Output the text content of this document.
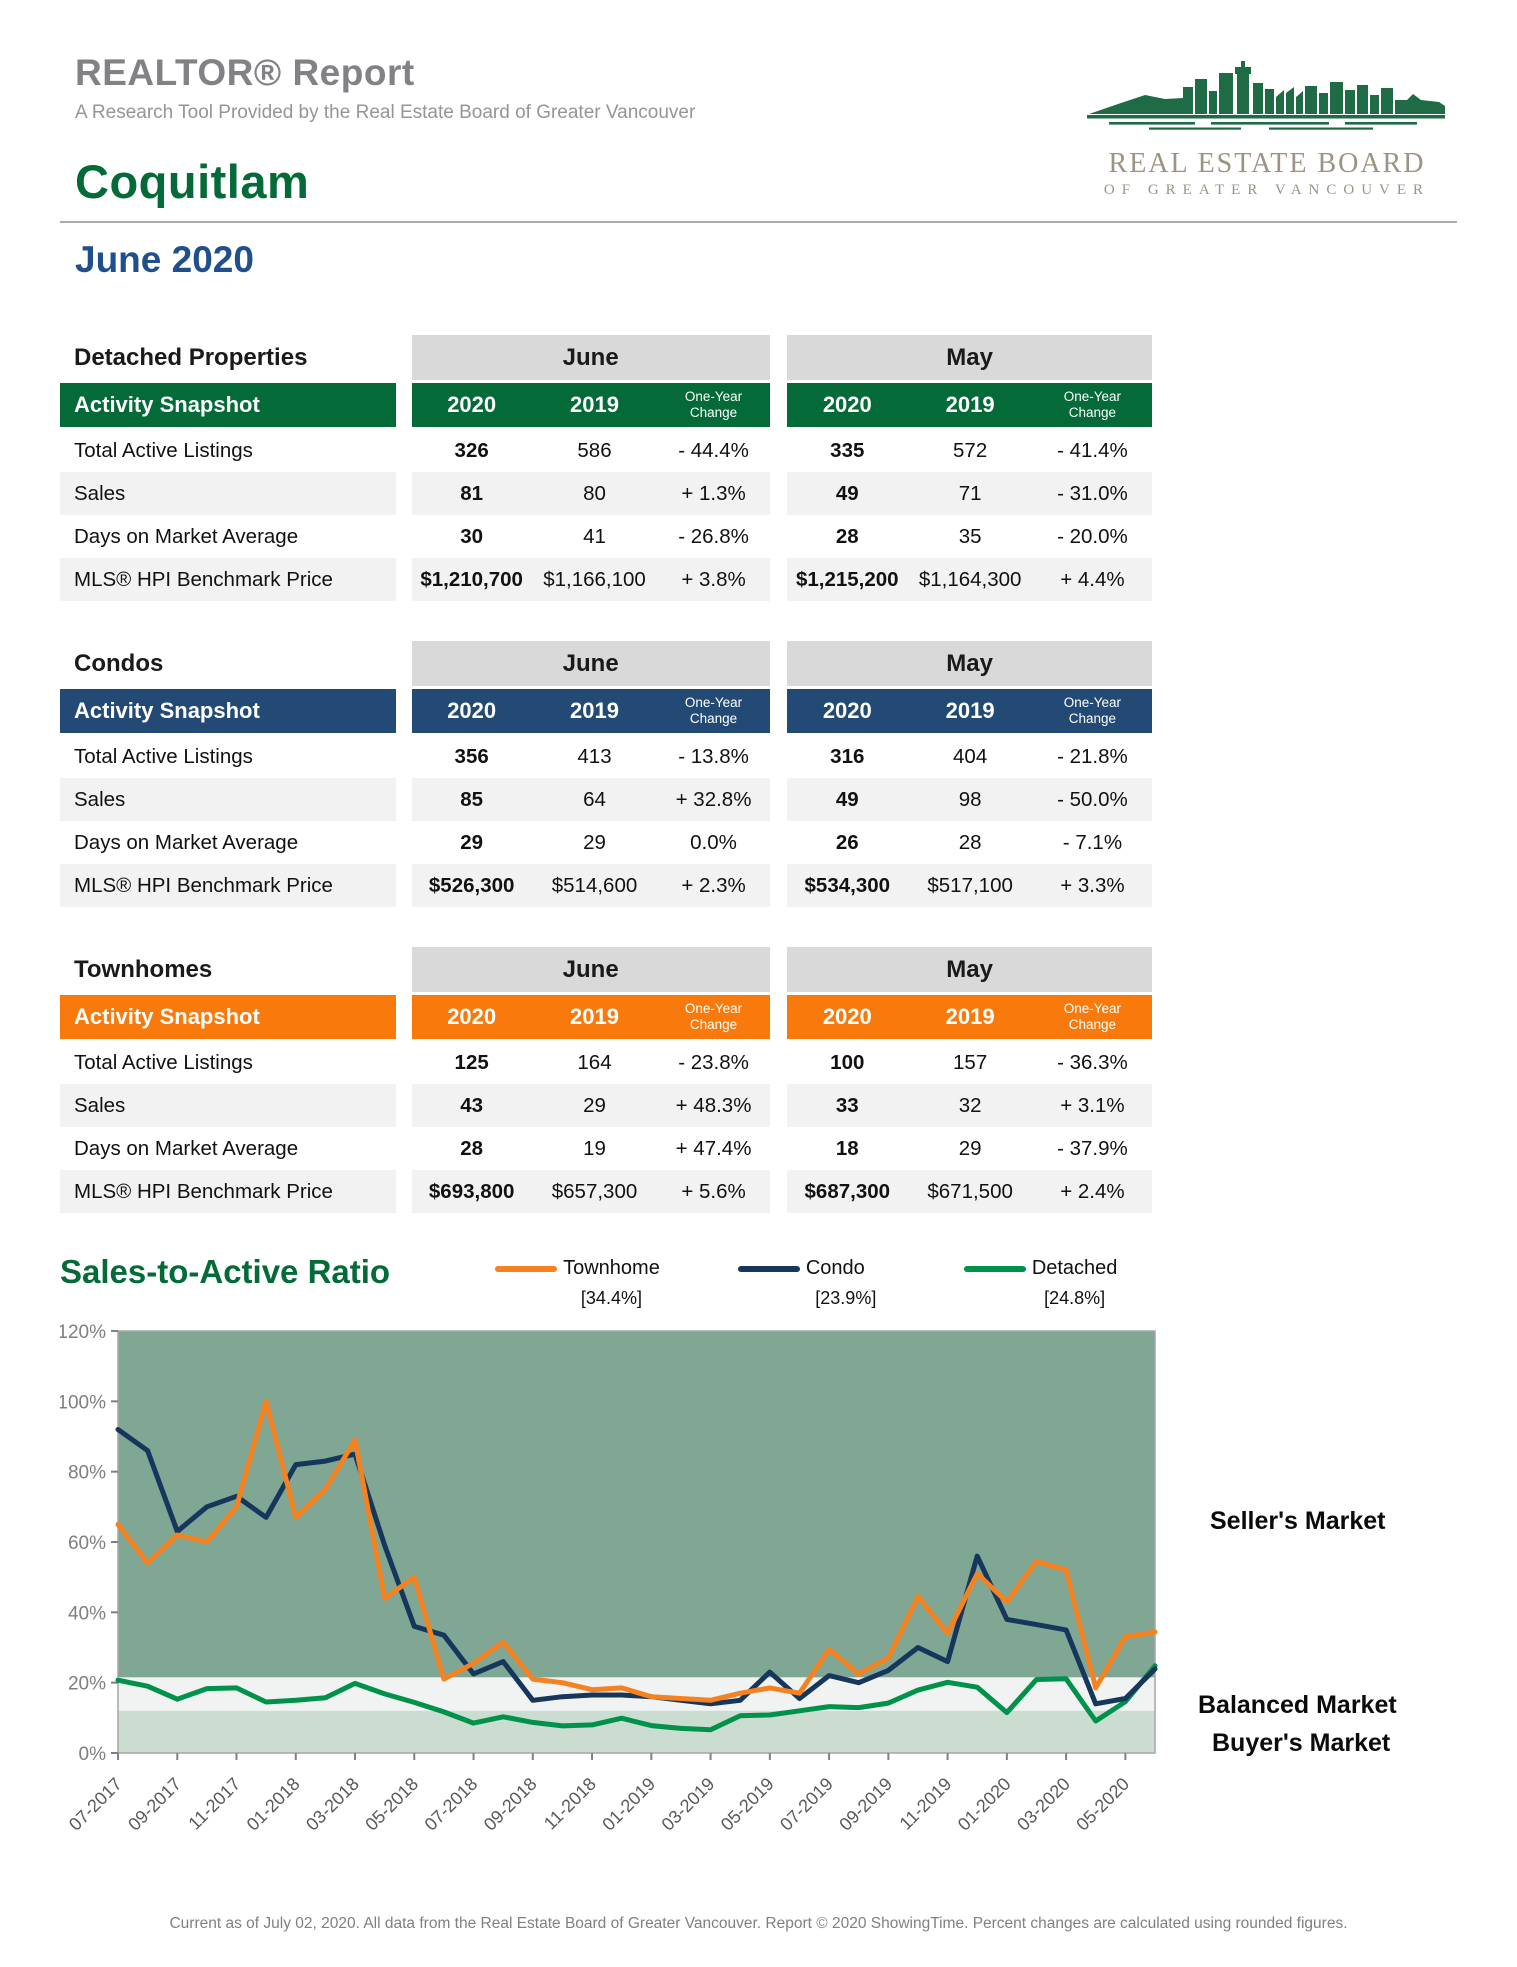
REALTOR® Report

A Research Tool Provided by the Real Estate Board of Greater Vancouver

Coquitlam	REAL ESTATE BOARD
OF GREATER VANCOUVER
June 2020
Detached Properties	June	May
Activity Snapshot	2020	2019	One-Year Change	2020	2019	One-Year Change
Total Active Listings	326	586	- 44.4%	335	572	- 41.4%
Sales	81	80	+ 1.3%	49	71	- 31.0%
Days on Market Average	30	41	- 26.8%	28	35	- 20.0%
MLS® HPI Benchmark Price	$1,210,700 $1,166,100	+ 3.8%	$1,215,200 $1,164,300	+ 4.4%
Condos	June	May
Activity Snapshot	2020	2019	One-Year Change	2020	2019	One-Year Change
Total Active Listings	356	413	- 13.8%	316	404	- 21.8%
Sales	85	64	+ 32.8%	49	98	- 50.0%
Days on Market Average	29	29	0.0%	26	28	- 7.1%
MLS® HPI Benchmark Price	$526,300	$514,600	+ 2.3%	$534,300	$517,100	+ 3.3%
Townhomes	June	May
Activity Snapshot	2020	2019	One-Year Change	2020	2019	One-Year Change
Total Active Listings	125	164	- 23.8%	100	157	- 36.3%
Sales	43	29	+ 48.3%	33	32	+ 3.1%
Days on Market Average	28	19	+ 47.4%	18	29	- 37.9%
MLS® HPI Benchmark Price	$693,800	$657,300	+ 5.6%	$687,300	$671,500	+ 2.4%
Sales-to-Active Ratio	Townhome
[34.4%]
Condo
[23.9%]
Detached
[24.8%]
0%
20%
40%
60%
80%
100%
120%
07-2017
09-2017 11-2017
01-2018
03-2018
05-2018
07-2018
09-2018 11-2018
01-2019
03-2019
05-2019
07-2019
09-2019 11-2019
01-2020
03-2020
05-2020
Seller's Market
Balanced Market
Buyer's Market
Current as of July 02, 2020. All data from the Real Estate Board of Greater Vancouver. Report © 2020 ShowingTime. Percent changes are calculated using rounded figures.
